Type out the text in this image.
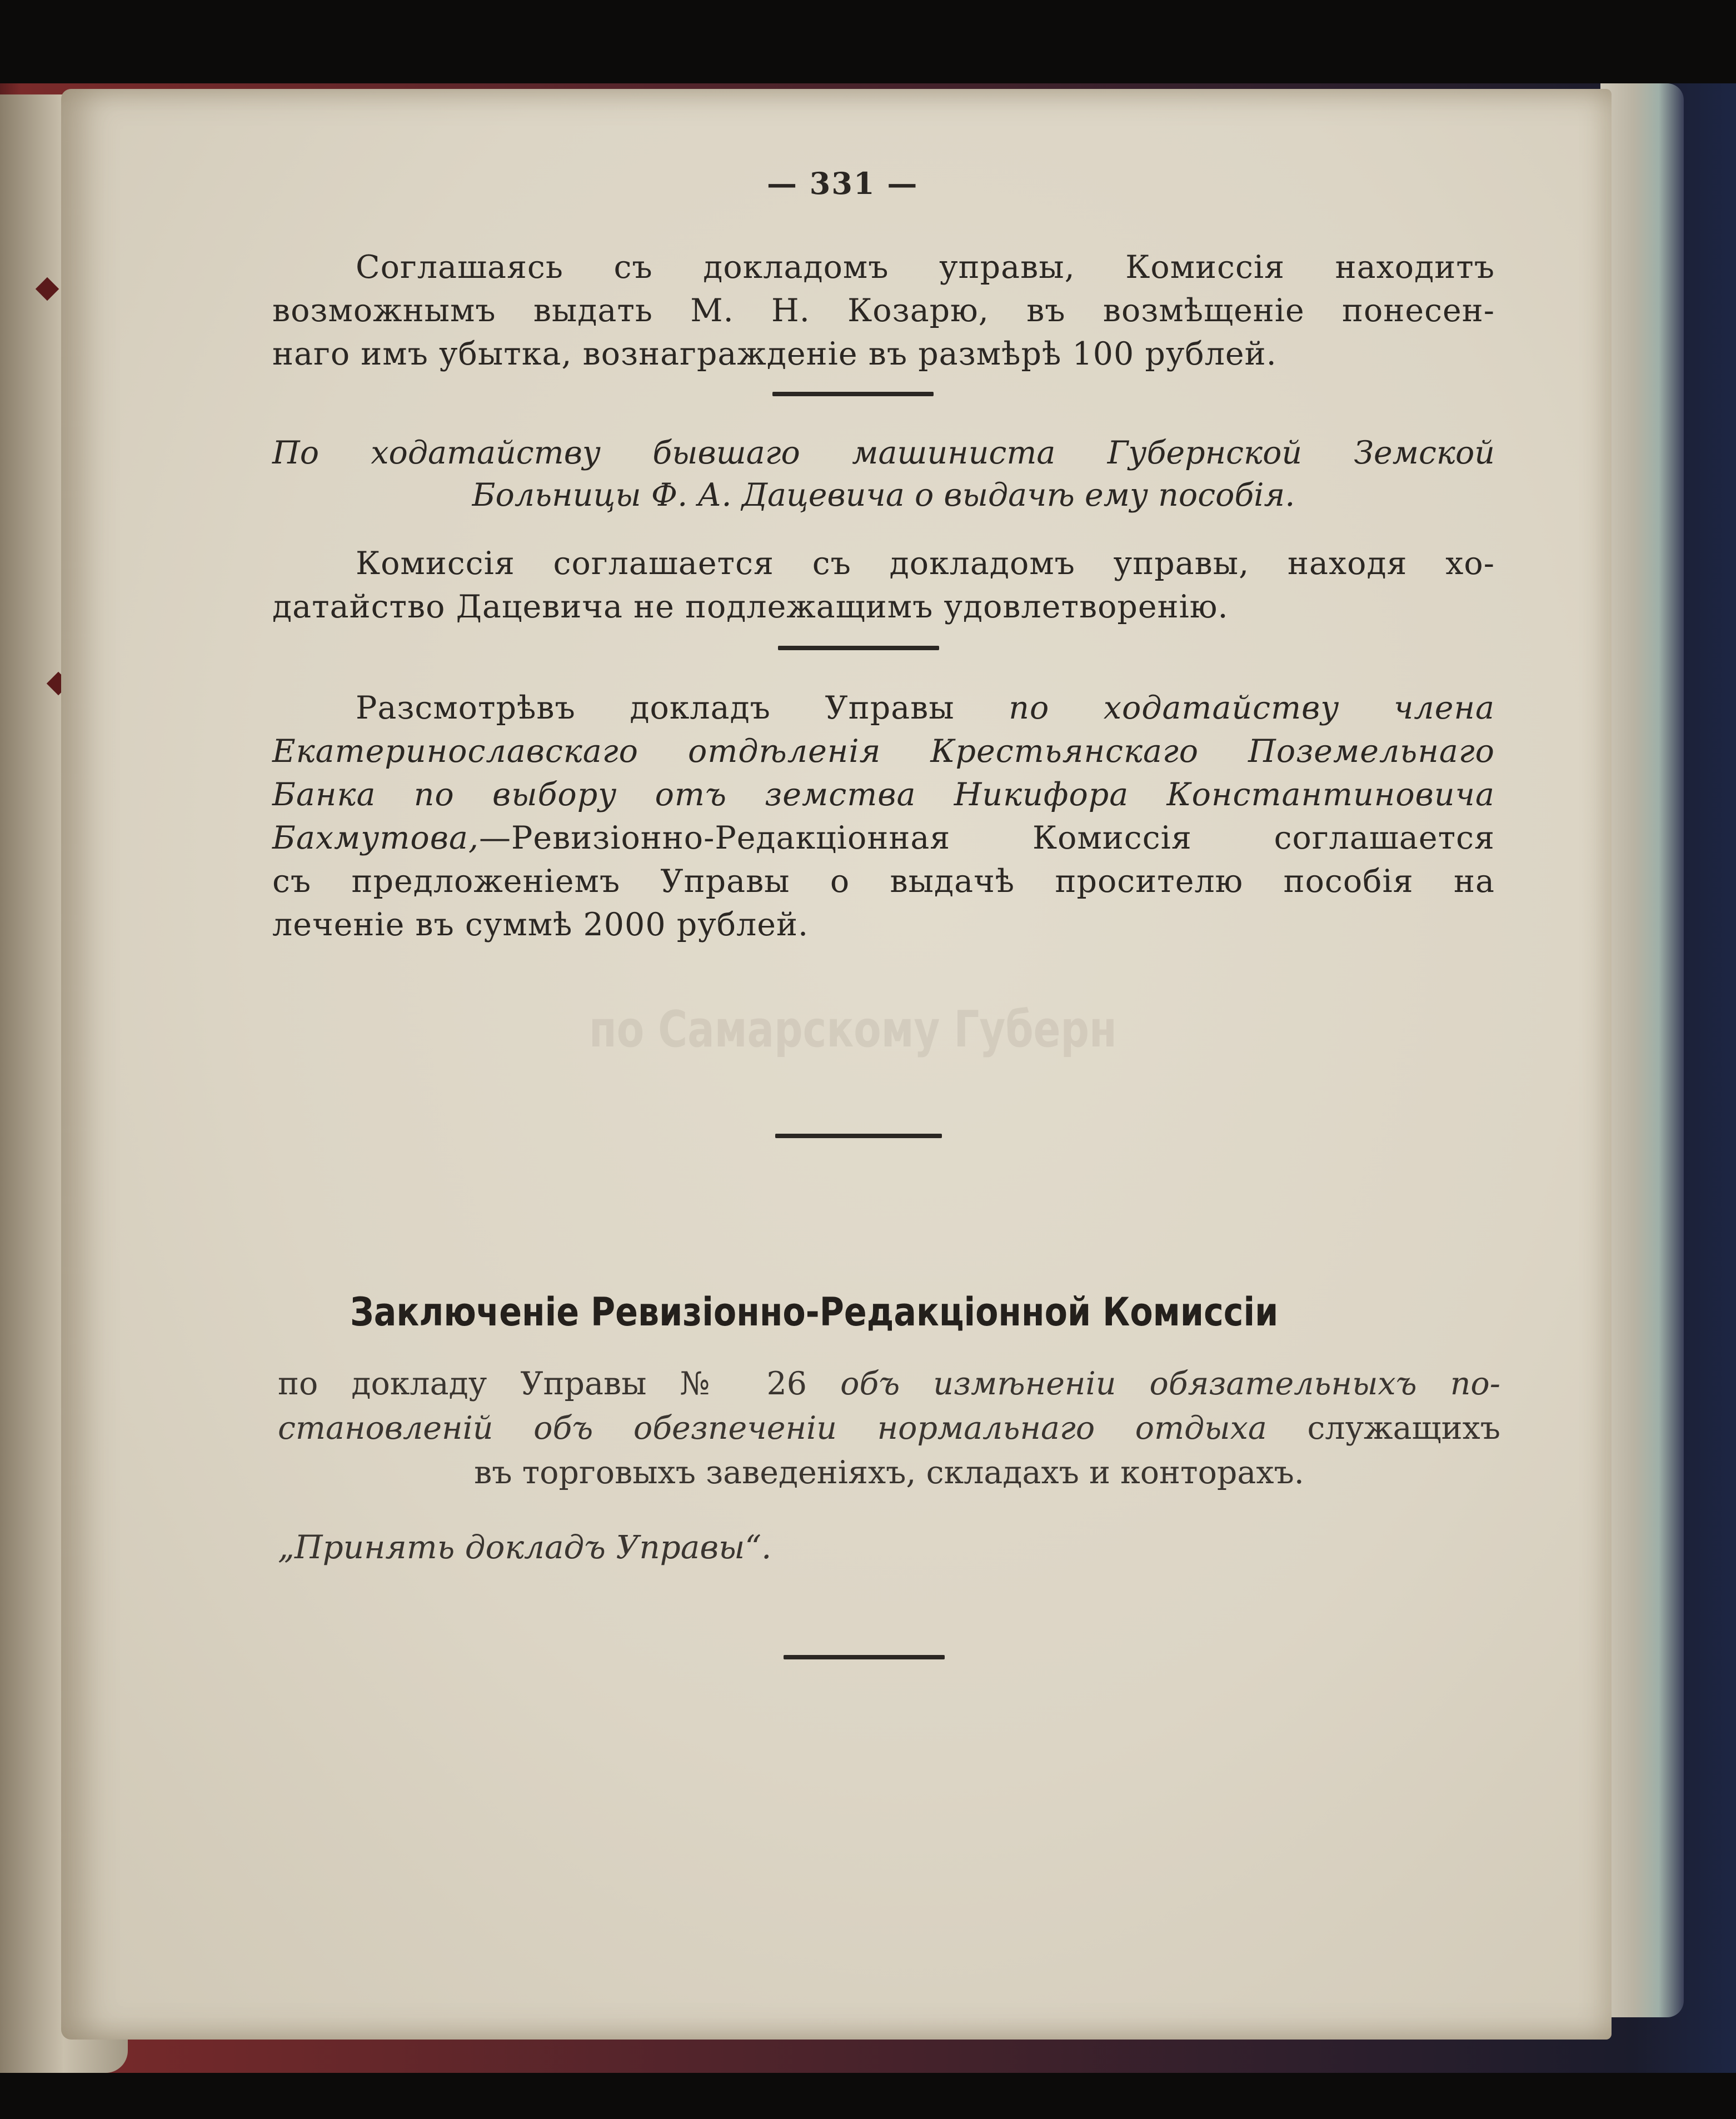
— 331 —
Соглашаясь съ докладомъ управы, Комиссія находитъ
возможнымъ выдать М. Н. Козарю, въ возмѣщеніе понесен-
наго имъ убытка, вознагражденіе въ размѣрѣ 100 рублей.
По ходатайству бывшаго машиниста Губернской Земской
Больницы Ф. А. Дацевича о выдачѣ ему пособія.
Комиссія соглашается съ докладомъ управы, находя хо-
датайство Дацевича не подлежащимъ удовлетворенію.
Разсмотрѣвъ докладъ Управы по ходатайству члена
Екатеринославскаго отдѣленія Крестьянскаго Поземельнаго
Банка по выбору отъ земства Никифора Константиновича
Бахмутова,—Ревизіонно-Редакціонная Комиссія соглашается
съ предложеніемъ Управы о выдачѣ просителю пособія на
леченіе въ суммѣ 2000 рублей.
по Самарскому Губерн
Заключеніе Ревизіонно-Редакціонной Комиссіи
по докладу Управы № 26 объ измѣненіи обязательныхъ по-
становленій объ обезпеченіи нормальнаго отдыха служащихъ
въ торговыхъ заведеніяхъ, складахъ и конторахъ.
„Принять докладъ Управы“.
